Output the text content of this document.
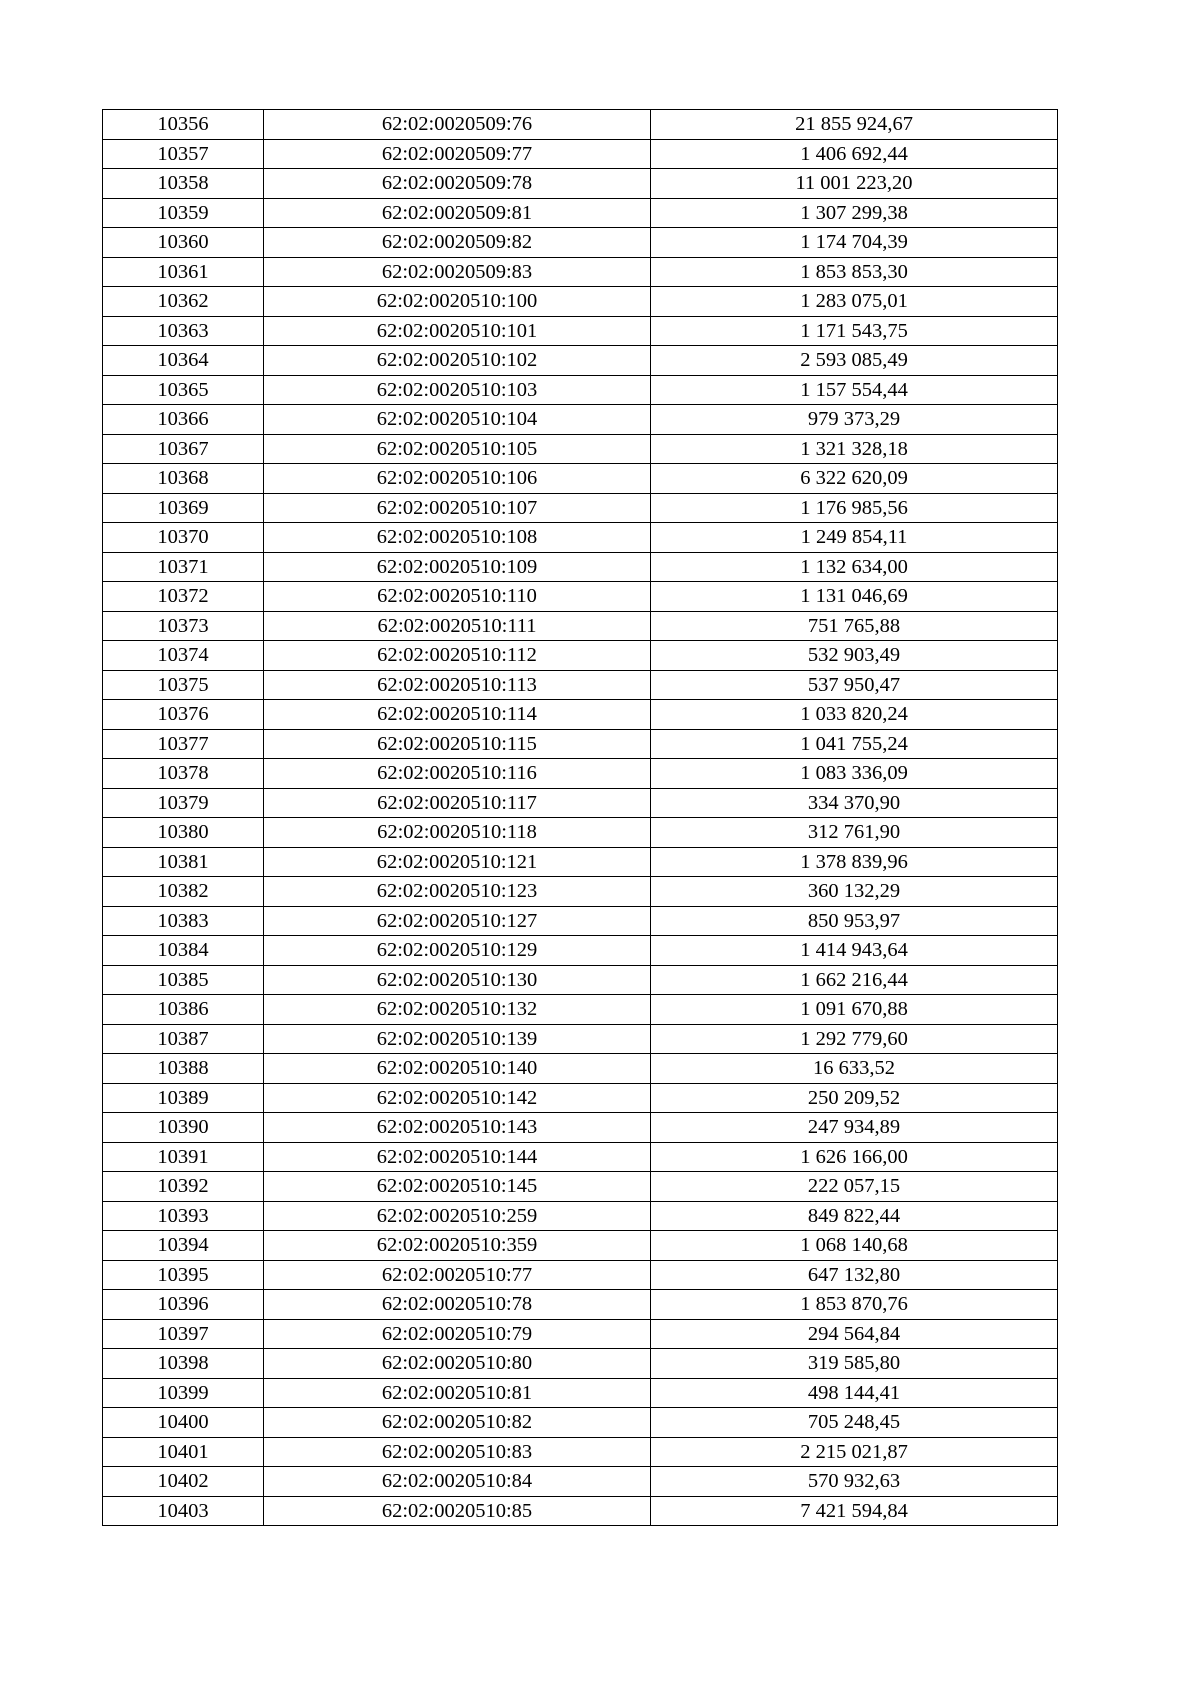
10356	62:02:0020509:76	21 855 924,67
10357	62:02:0020509:77	1 406 692,44
10358	62:02:0020509:78	11 001 223,20
10359	62:02:0020509:81	1 307 299,38
10360	62:02:0020509:82	1 174 704,39
10361	62:02:0020509:83	1 853 853,30
10362	62:02:0020510:100	1 283 075,01
10363	62:02:0020510:101	1 171 543,75
10364	62:02:0020510:102	2 593 085,49
10365	62:02:0020510:103	1 157 554,44
10366	62:02:0020510:104	979 373,29
10367	62:02:0020510:105	1 321 328,18
10368	62:02:0020510:106	6 322 620,09
10369	62:02:0020510:107	1 176 985,56
10370	62:02:0020510:108	1 249 854,11
10371	62:02:0020510:109	1 132 634,00
10372	62:02:0020510:110	1 131 046,69
10373	62:02:0020510:111	751 765,88
10374	62:02:0020510:112	532 903,49
10375	62:02:0020510:113	537 950,47
10376	62:02:0020510:114	1 033 820,24
10377	62:02:0020510:115	1 041 755,24
10378	62:02:0020510:116	1 083 336,09
10379	62:02:0020510:117	334 370,90
10380	62:02:0020510:118	312 761,90
10381	62:02:0020510:121	1 378 839,96
10382	62:02:0020510:123	360 132,29
10383	62:02:0020510:127	850 953,97
10384	62:02:0020510:129	1 414 943,64
10385	62:02:0020510:130	1 662 216,44
10386	62:02:0020510:132	1 091 670,88
10387	62:02:0020510:139	1 292 779,60
10388	62:02:0020510:140	16 633,52
10389	62:02:0020510:142	250 209,52
10390	62:02:0020510:143	247 934,89
10391	62:02:0020510:144	1 626 166,00
10392	62:02:0020510:145	222 057,15
10393	62:02:0020510:259	849 822,44
10394	62:02:0020510:359	1 068 140,68
10395	62:02:0020510:77	647 132,80
10396	62:02:0020510:78	1 853 870,76
10397	62:02:0020510:79	294 564,84
10398	62:02:0020510:80	319 585,80
10399	62:02:0020510:81	498 144,41
10400	62:02:0020510:82	705 248,45
10401	62:02:0020510:83	2 215 021,87
10402	62:02:0020510:84	570 932,63
10403	62:02:0020510:85	7 421 594,84
